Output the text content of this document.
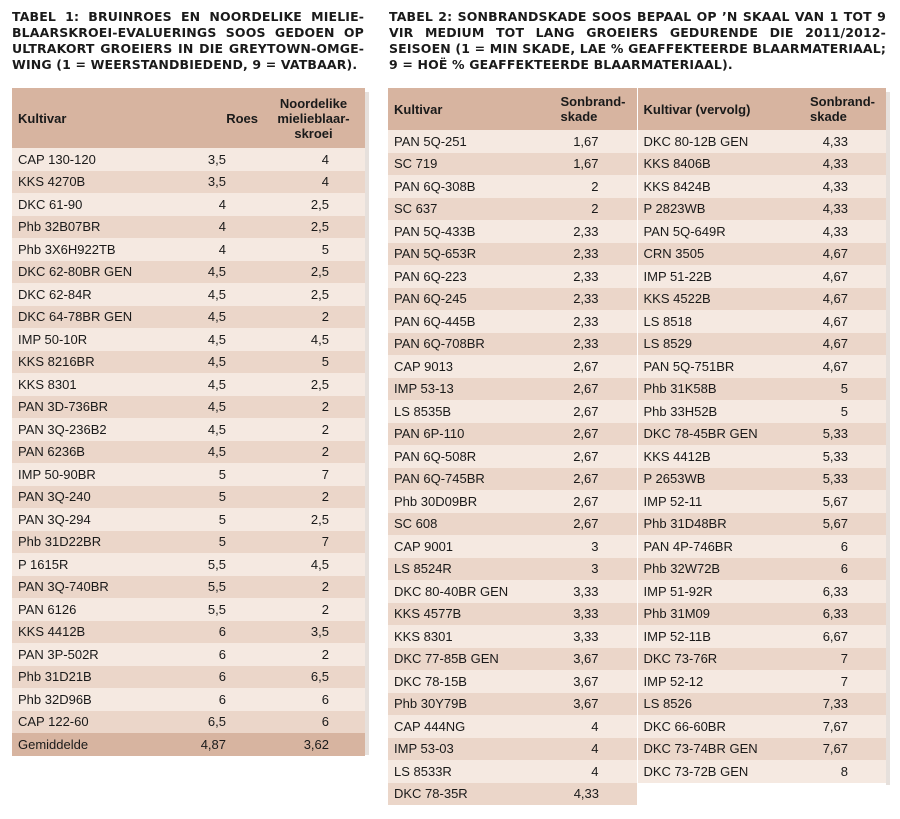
TABEL 1: BRUINROES EN NOORDELIKE MIELIEBLAARSKROEI-EVALUERINGS SOOS GEDOEN OP ULTRAKORT GROEIERS IN DIE GREYTOWN-OMGEWING (1 = WEERSTANDBIEDEND, 9 = VATBAAR).
TABEL 2: SONBRANDSKADE SOOS BEPAAL OP ’N SKAAL VAN 1 TOT 9 VIR MEDIUM TOT LANG GROEIERS GEDURENDE DIE 2011/2012-SEISOEN (1 = MIN SKADE, LAE % GEAFFEKTEERDE BLAARMATERIAAL; 9 = HOË % GEAFFEKTEERDE BLAARMATERIAAL).
Kultivar	Roes	Noordelike mielieblaar-skroei
CAP 130-120	3,5	4
KKS 4270B	3,5	4
DKC 61-90	4	2,5
Phb 32B07BR	4	2,5
Phb 3X6H922TB	4	5
DKC 62-80BR GEN	4,5	2,5
DKC 62-84R	4,5	2,5
DKC 64-78BR GEN	4,5	2
IMP 50-10R	4,5	4,5
KKS 8216BR	4,5	5
KKS 8301	4,5	2,5
PAN 3D-736BR	4,5	2
PAN 3Q-236B2	4,5	2
PAN 6236B	4,5	2
IMP 50-90BR	5	7
PAN 3Q-240	5	2
PAN 3Q-294	5	2,5
Phb 31D22BR	5	7
P 1615R	5,5	4,5
PAN 3Q-740BR	5,5	2
PAN 6126	5,5	2
KKS 4412B	6	3,5
PAN 3P-502R	6	2
Phb 31D21B	6	6,5
Phb 32D96B	6	6
CAP 122-60	6,5	6
Gemiddelde	4,87	3,62
Kultivar	Sonbrand-skade	Kultivar (vervolg)	Sonbrand-skade
PAN 5Q-251	1,67	DKC 80-12B GEN	4,33
SC 719	1,67	KKS 8406B	4,33
PAN 6Q-308B	2	KKS 8424B	4,33
SC 637	2	P 2823WB	4,33
PAN 5Q-433B	2,33	PAN 5Q-649R	4,33
PAN 5Q-653R	2,33	CRN 3505	4,67
PAN 6Q-223	2,33	IMP 51-22B	4,67
PAN 6Q-245	2,33	KKS 4522B	4,67
PAN 6Q-445B	2,33	LS 8518	4,67
PAN 6Q-708BR	2,33	LS 8529	4,67
CAP 9013	2,67	PAN 5Q-751BR	4,67
IMP 53-13	2,67	Phb 31K58B	5
LS 8535B	2,67	Phb 33H52B	5
PAN 6P-110	2,67	DKC 78-45BR GEN	5,33
PAN 6Q-508R	2,67	KKS 4412B	5,33
PAN 6Q-745BR	2,67	P 2653WB	5,33
Phb 30D09BR	2,67	IMP 52-11	5,67
SC 608	2,67	Phb 31D48BR	5,67
CAP 9001	3	PAN 4P-746BR	6
LS 8524R	3	Phb 32W72B	6
DKC 80-40BR GEN	3,33	IMP 51-92R	6,33
KKS 4577B	3,33	Phb 31M09	6,33
KKS 8301	3,33	IMP 52-11B	6,67
DKC 77-85B GEN	3,67	DKC 73-76R	7
DKC 78-15B	3,67	IMP 52-12	7
Phb 30Y79B	3,67	LS 8526	7,33
CAP 444NG	4	DKC 66-60BR	7,67
IMP 53-03	4	DKC 73-74BR GEN	7,67
LS 8533R	4	DKC 73-72B GEN	8
DKC 78-35R	4,33		
